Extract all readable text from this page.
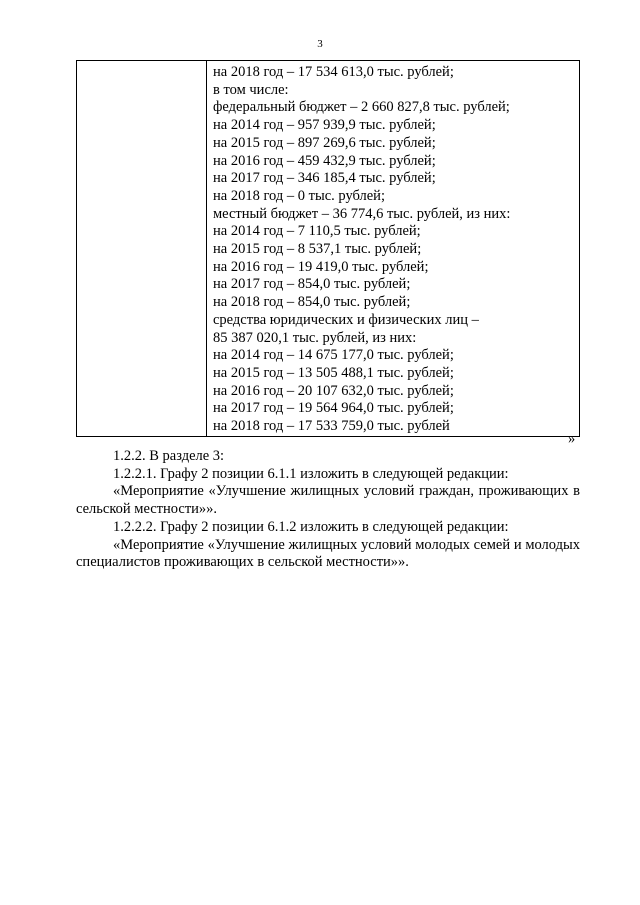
3

на 2018 год – 17 534 613,0 тыс. рублей;
в том числе:
федеральный бюджет – 2 660 827,8 тыс. рублей;
на 2014 год – 957 939,9 тыс. рублей;
на 2015 год – 897 269,6 тыс. рублей;
на 2016 год – 459 432,9 тыс. рублей;
на 2017 год – 346 185,4 тыс. рублей;
на 2018 год – 0 тыс. рублей;
местный бюджет – 36 774,6 тыс. рублей, из них:
на 2014 год – 7 110,5 тыс. рублей;
на 2015 год – 8 537,1 тыс. рублей;
на 2016 год – 19 419,0 тыс. рублей;
на 2017 год – 854,0 тыс. рублей;
на 2018 год – 854,0 тыс. рублей;
средства юридических и физических лиц –
85 387 020,1 тыс. рублей, из них:
на 2014 год – 14 675 177,0 тыс. рублей;
на 2015 год – 13 505 488,1 тыс. рублей;
на 2016 год – 20 107 632,0 тыс. рублей;
на 2017 год – 19 564 964,0 тыс. рублей;
на 2018 год – 17 533 759,0 тыс. рублей
»

1.2.2. В разделе 3:

1.2.2.1. Графу 2 позиции 6.1.1 изложить в следующей редакции:

«Мероприятие «Улучшение жилищных условий граждан, проживающих в сельской местности»».

1.2.2.2. Графу 2 позиции 6.1.2 изложить в следующей редакции:

«Мероприятие «Улучшение жилищных условий молодых семей и молодых специалистов проживающих в сельской местности»».
